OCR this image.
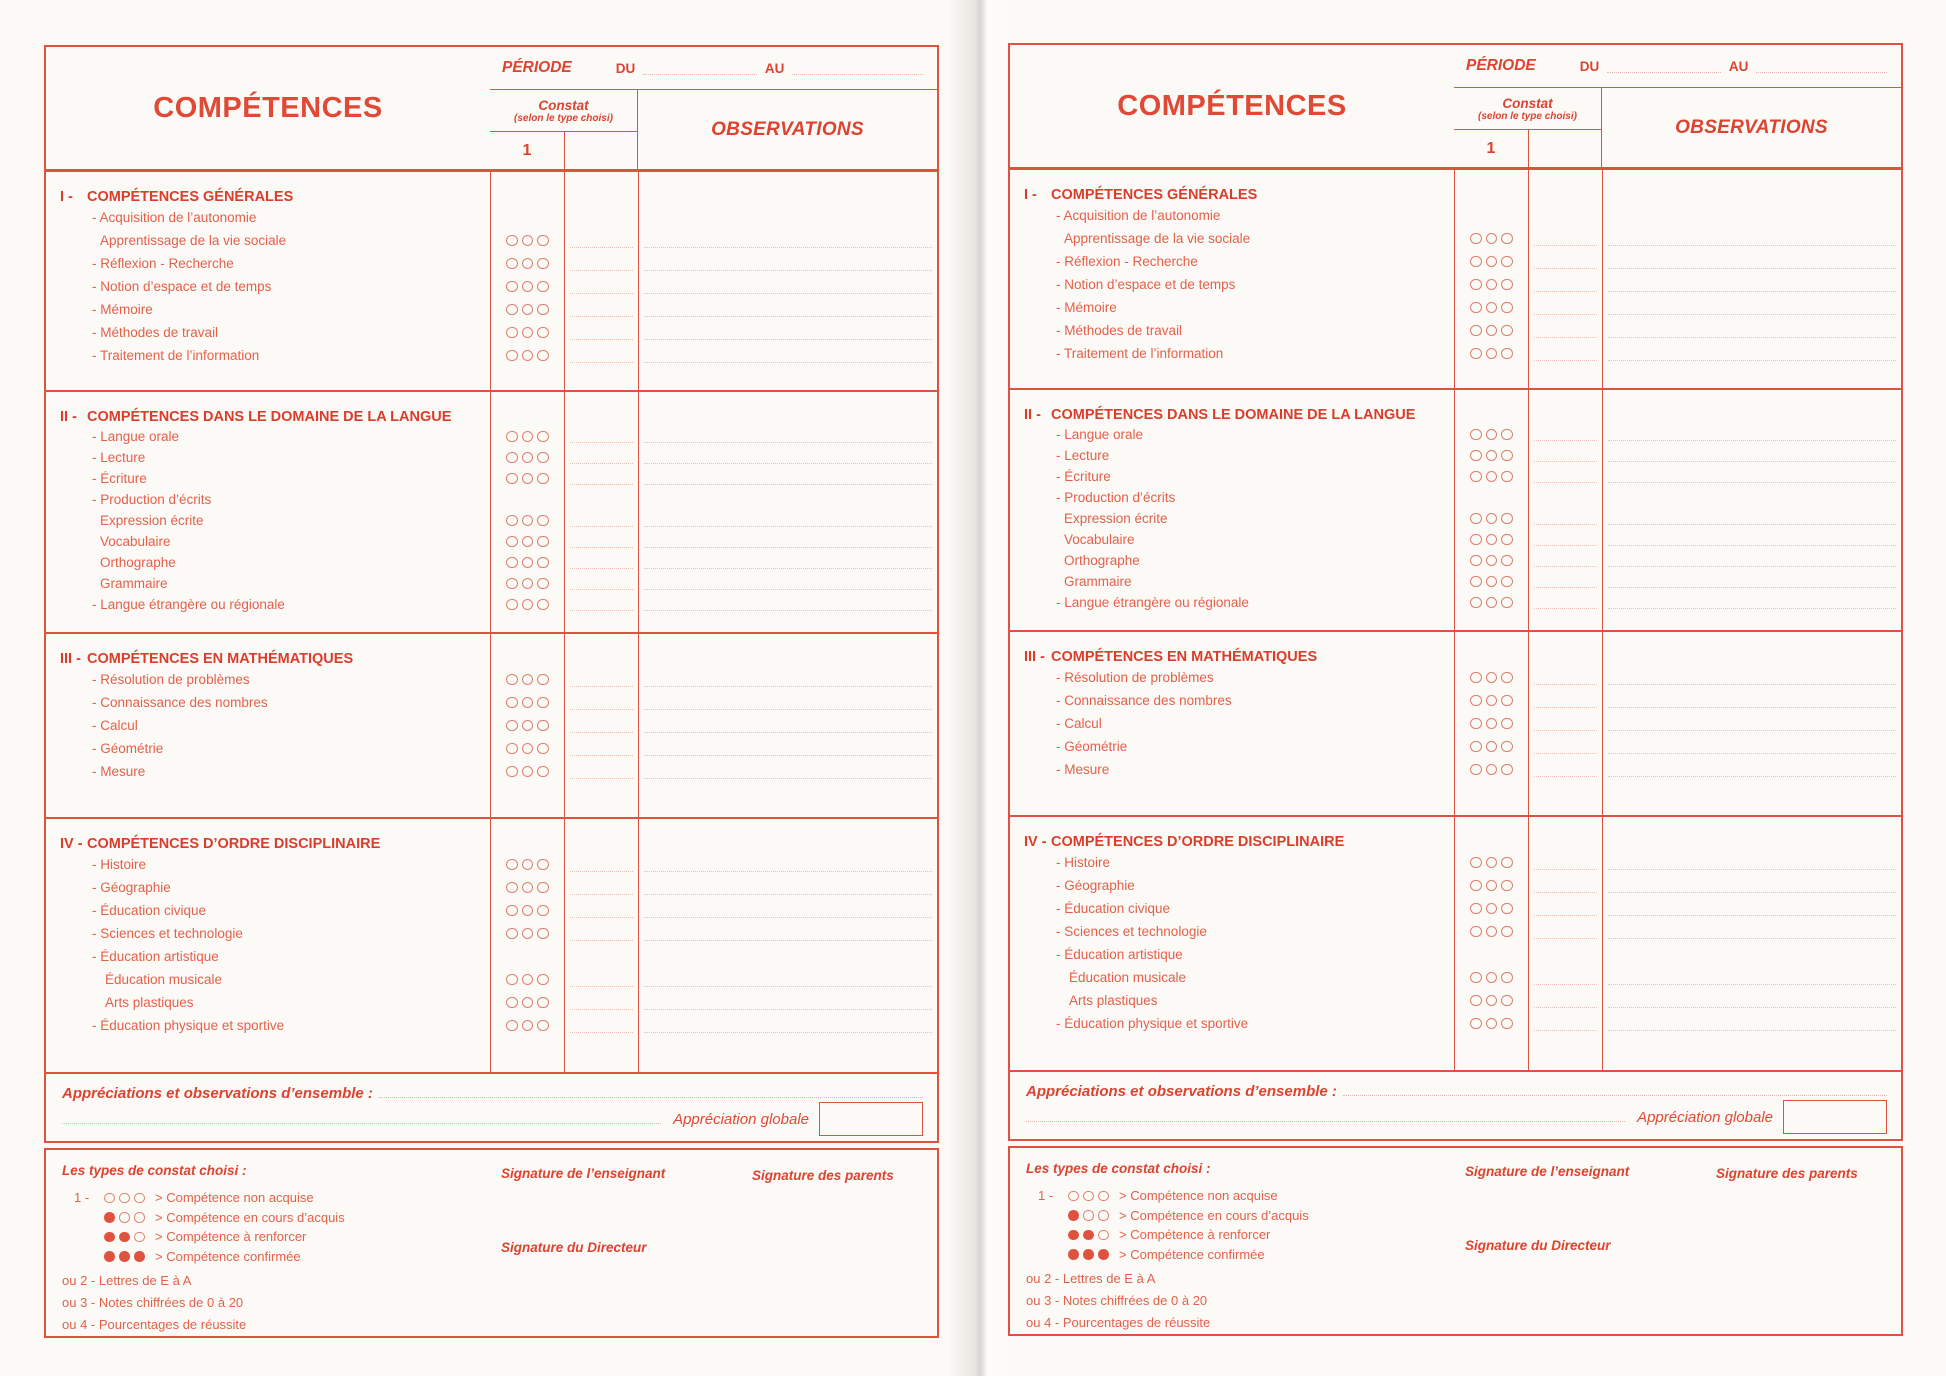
COMPÉTENCES
PÉRIODE	DU	AU
Constat
(selon le type choisi)
1
OBSERVATIONS
I - COMPÉTENCES GÉNÉRALES
- Acquisition de l’autonomie
Apprentissage de la vie sociale
- Réflexion - Recherche
- Notion d’espace et de temps
- Mémoire
- Méthodes de travail
- Traitement de l’information
II - COMPÉTENCES DANS LE DOMAINE DE LA LANGUE
- Langue orale
- Lecture
- Écriture
- Production d’écrits
Expression écrite
Vocabulaire
Orthographe
Grammaire
- Langue étrangère ou régionale
III - COMPÉTENCES EN MATHÉMATIQUES
- Résolution de problèmes
- Connaissance des nombres
- Calcul
- Géométrie
- Mesure
IV - COMPÉTENCES D’ORDRE DISCIPLINAIRE
- Histoire
- Géographie
- Éducation civique
- Sciences et technologie
- Éducation artistique
Éducation musicale
Arts plastiques
- Éducation physique et sportive
Appréciations et observations d’ensemble :
Appréciation globale
Les types de constat choisi :
1 -	> Compétence non acquise
> Compétence en cours d’acquis
> Compétence à renforcer
> Compétence confirmée
ou 2 - Lettres de E à A
ou 3 - Notes chiffrées de 0 à 20
ou 4 - Pourcentages de réussite
Signature de l’enseignant	Signature des parents
Signature du Directeur
COMPÉTENCES
PÉRIODE	DU	AU
Constat
(selon le type choisi)
1
OBSERVATIONS
I - COMPÉTENCES GÉNÉRALES
- Acquisition de l’autonomie
Apprentissage de la vie sociale
- Réflexion - Recherche
- Notion d’espace et de temps
- Mémoire
- Méthodes de travail
- Traitement de l’information
II - COMPÉTENCES DANS LE DOMAINE DE LA LANGUE
- Langue orale
- Lecture
- Écriture
- Production d’écrits
Expression écrite
Vocabulaire
Orthographe
Grammaire
- Langue étrangère ou régionale
III - COMPÉTENCES EN MATHÉMATIQUES
- Résolution de problèmes
- Connaissance des nombres
- Calcul
- Géométrie
- Mesure
IV - COMPÉTENCES D’ORDRE DISCIPLINAIRE
- Histoire
- Géographie
- Éducation civique
- Sciences et technologie
- Éducation artistique
Éducation musicale
Arts plastiques
- Éducation physique et sportive
Appréciations et observations d’ensemble :
Appréciation globale
Les types de constat choisi :
1 -	> Compétence non acquise
> Compétence en cours d’acquis
> Compétence à renforcer
> Compétence confirmée
ou 2 - Lettres de E à A
ou 3 - Notes chiffrées de 0 à 20
ou 4 - Pourcentages de réussite
Signature de l’enseignant	Signature des parents
Signature du Directeur
